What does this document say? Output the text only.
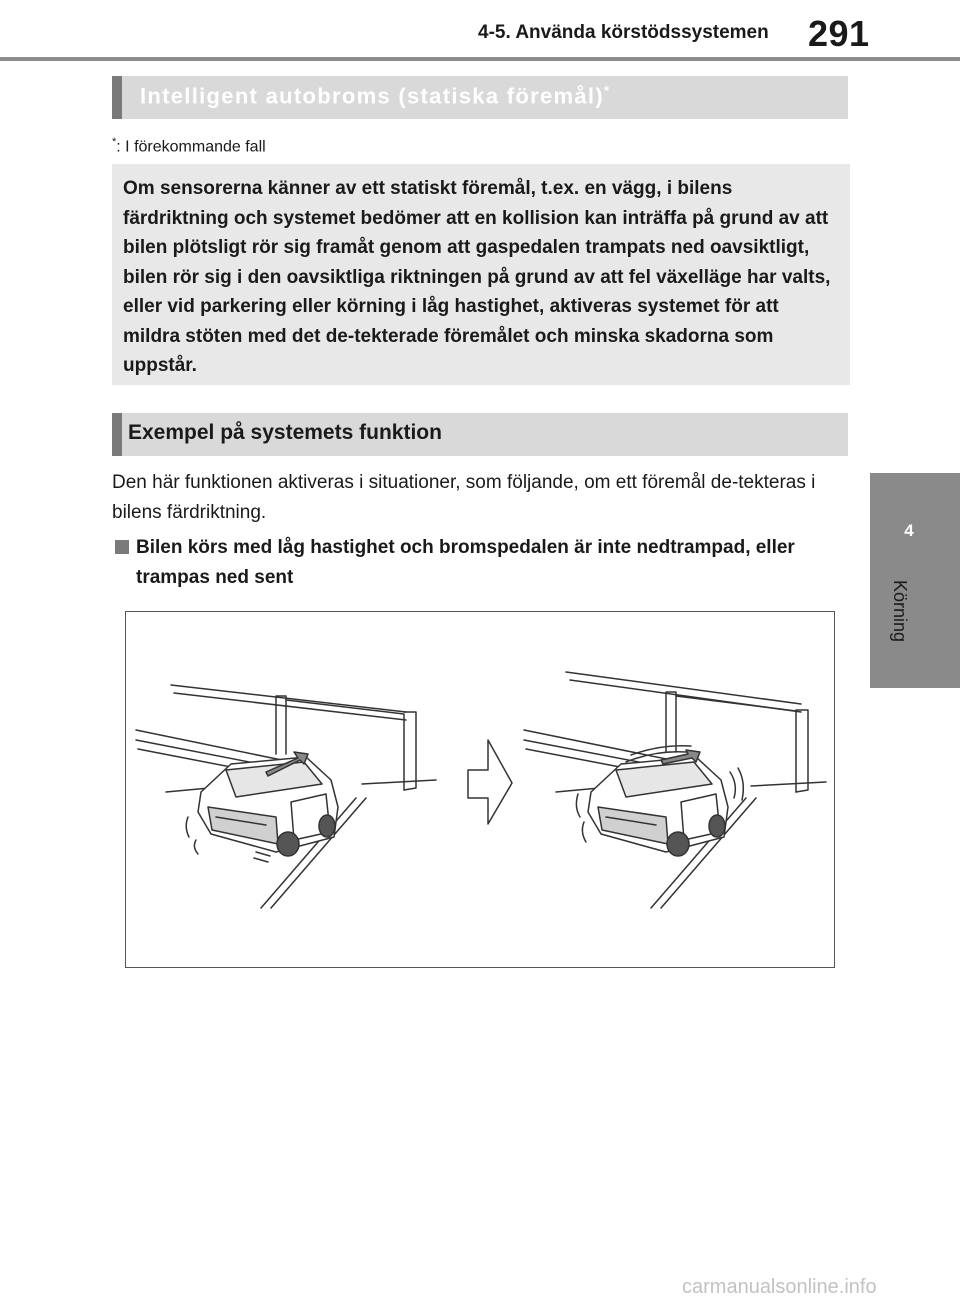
4-5. Använda körstödssystemen 291
4
Körning
Intelligent autobroms (statiska föremål)*
*: I förekommande fall

Om sensorerna känner av ett statiskt föremål, t.ex. en vägg, i bilens färdriktning och systemet bedömer att en kollision kan inträffa på grund av att bilen plötsligt rör sig framåt genom att gaspedalen trampats ned oavsiktligt, bilen rör sig i den oavsiktliga riktningen på grund av att fel växelläge har valts, eller vid parkering eller körning i låg hastighet, aktiveras systemet för att mildra stöten med det de-tekterade föremålet och minska skadorna som uppstår.

Exempel på systemets funktion

Den här funktionen aktiveras i situationer, som följande, om ett föremål de-tekteras i bilens färdriktning.

Bilen körs med låg hastighet och bromspedalen är inte nedtrampad, eller trampas ned sent

carmanualsonline.info
